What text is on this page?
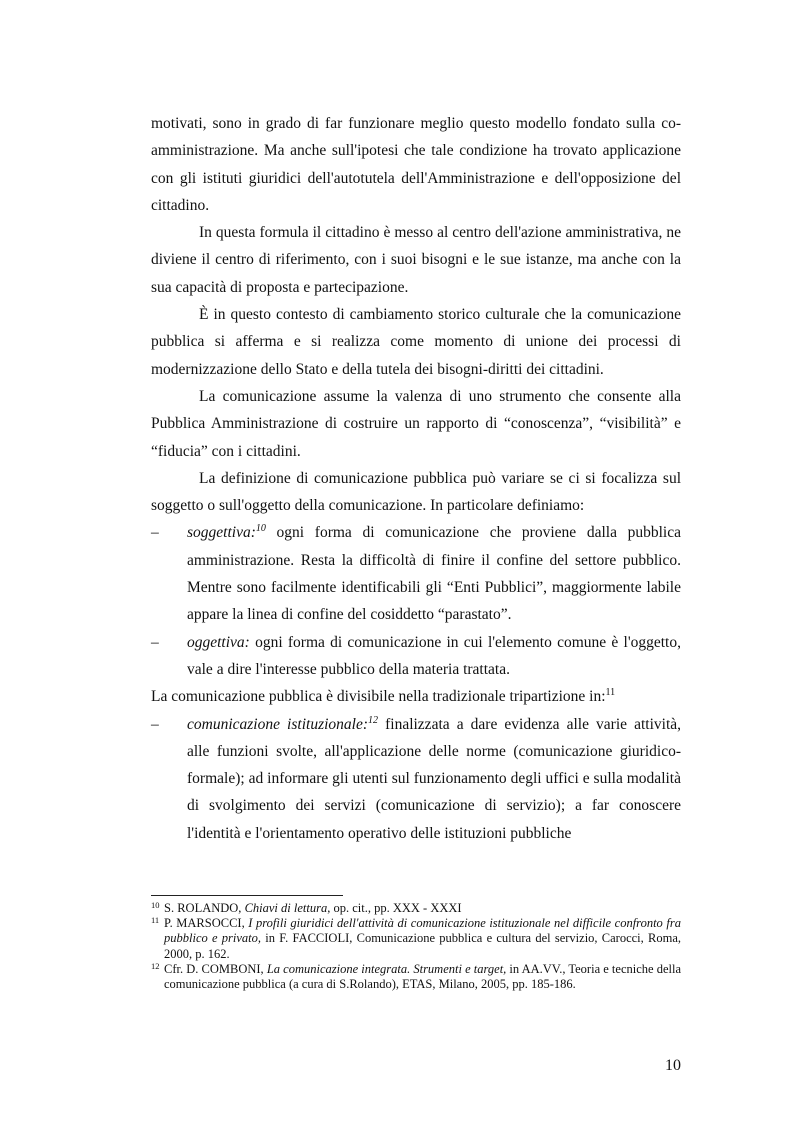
motivati, sono in grado di far funzionare meglio questo modello fondato sulla co-amministrazione. Ma anche sull'ipotesi che tale condizione ha trovato applicazione con gli istituti giuridici dell'autotutela dell'Amministrazione e dell'opposizione del cittadino.

In questa formula il cittadino è messo al centro dell'azione amministrativa, ne diviene il centro di riferimento, con i suoi bisogni e le sue istanze, ma anche con la sua capacità di proposta e partecipazione.

È in questo contesto di cambiamento storico culturale che la comunicazione pubblica si afferma e si realizza come momento di unione dei processi di modernizzazione dello Stato e della tutela dei bisogni-diritti dei cittadini.

La comunicazione assume la valenza di uno strumento che consente alla Pubblica Amministrazione di costruire un rapporto di “conoscenza”, “visibilità” e “fiducia” con i cittadini.

La definizione di comunicazione pubblica può variare se ci si focalizza sul soggetto o sull'oggetto della comunicazione. In particolare definiamo:

–	soggettiva:$^{10}$ ogni forma di comunicazione che proviene dalla pubblica amministrazione. Resta la difficoltà di finire il confine del settore pubblico. Mentre sono facilmente identificabili gli “Enti Pubblici”, maggiormente labile appare la linea di confine del cosiddetto “parastato”.

–	oggettiva: ogni forma di comunicazione in cui l'elemento comune è l'oggetto, vale a dire l'interesse pubblico della materia trattata.

La comunicazione pubblica è divisibile nella tradizionale tripartizione in:$^{11}$

–	comunicazione istituzionale:$^{12}$ finalizzata a dare evidenza alle varie attività, alle funzioni svolte, all'applicazione delle norme (comunicazione giuridico-formale); ad informare gli utenti sul funzionamento degli uffici e sulla modalità di svolgimento dei servizi (comunicazione di servizio); a far conoscere l'identità e l'orientamento operativo delle istituzioni pubbliche

10 S. ROLANDO, Chiavi di lettura, op. cit., pp. XXX - XXXI

11 P. MARSOCCI, I profili giuridici dell'attività di comunicazione istituzionale nel difficile confronto fra pubblico e privato, in F. FACCIOLI, Comunicazione pubblica e cultura del servizio, Carocci, Roma, 2000, p. 162.

12 Cfr. D. COMBONI, La comunicazione integrata. Strumenti e target, in AA.VV., Teoria e tecniche della comunicazione pubblica (a cura di S.Rolando), ETAS, Milano, 2005, pp. 185-186.

10
